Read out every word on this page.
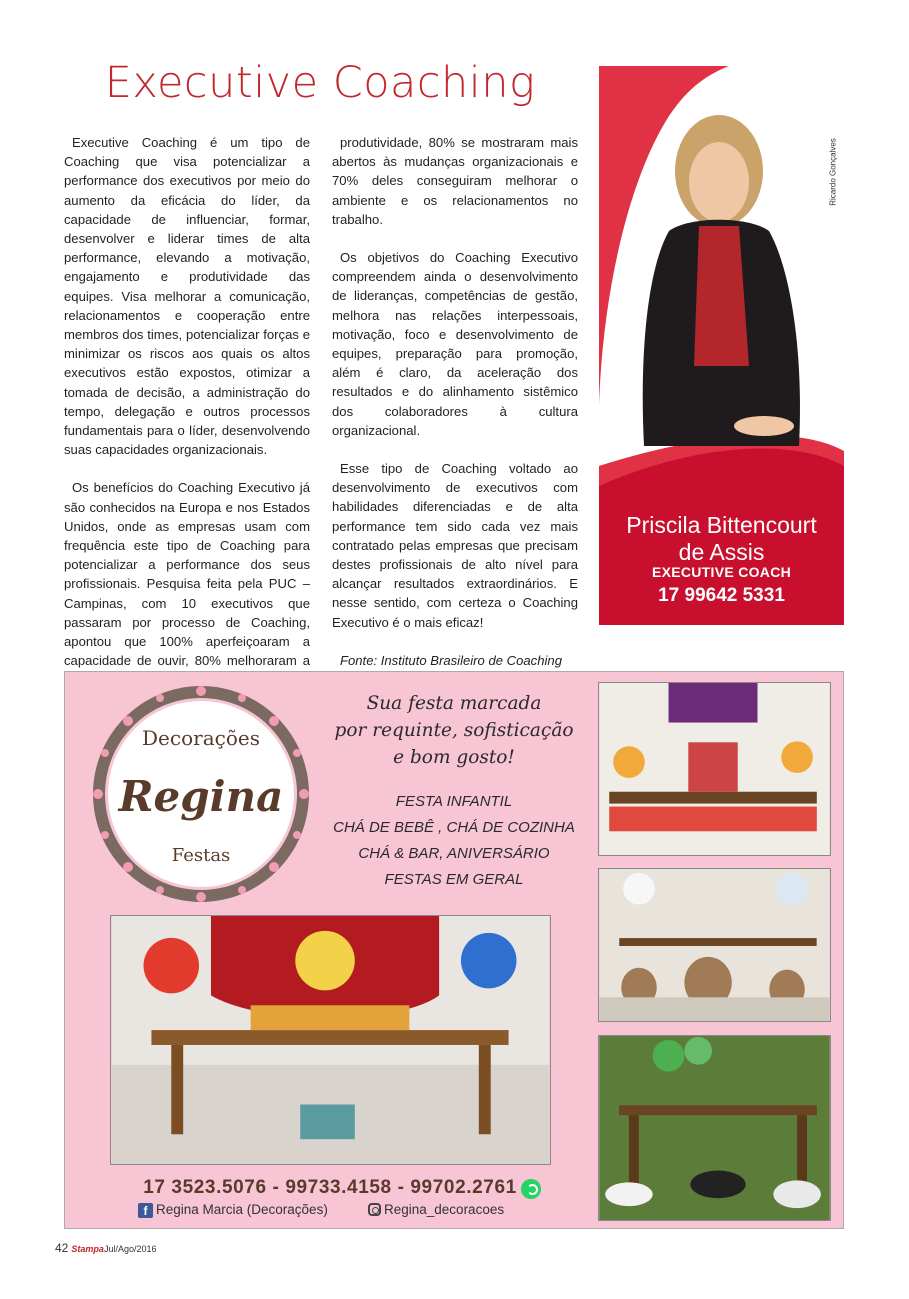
Executive Coaching

Executive Coaching é um tipo de Coaching que visa potencializar a performance dos executivos por meio do aumento da eficácia do líder, da capacidade de influenciar, formar, desenvolver e liderar times de alta performance, elevando a motivação, engajamento e produtividade das equipes. Visa melhorar a comunicação, relacionamentos e cooperação entre membros dos times, potencializar forças e minimizar os riscos aos quais os altos executivos estão expostos, otimizar a tomada de decisão, a administração do tempo, delegação e outros processos fundamentais para o líder, desenvolvendo suas capacidades organizacionais.

Os benefícios do Coaching Executivo já são conhecidos na Europa e nos Estados Unidos, onde as empresas usam com frequência este tipo de Coaching para potencializar a performance dos seus profissionais. Pesquisa feita pela PUC – Campinas, com 10 executivos que passaram por processo de Coaching, apontou que 100% aperfeiçoaram a capacidade de ouvir, 80% melhoraram a

produtividade, 80% se mostraram mais abertos às mudanças organizacionais e 70% deles conseguiram melhorar o ambiente e os relacionamentos no trabalho.

Os objetivos do Coaching Executivo compreendem ainda o desenvolvimento de lideranças, competências de gestão, melhora nas relações interpessoais, motivação, foco e desenvolvimento de equipes, preparação para promoção, além é claro, da aceleração dos resultados e do alinhamento sistêmico dos colaboradores à cultura organizacional.

Esse tipo de Coaching voltado ao desenvolvimento de executivos com habilidades diferenciadas e de alta performance tem sido cada vez mais contratado pelas empresas que precisam destes profissionais de alto nível para alcançar resultados extraordinários. E nesse sentido, com certeza o Coaching Executivo é o mais eficaz!

Fonte: Instituto Brasileiro de Coaching

Priscila Bittencourt
de Assis
EXECUTIVE COACH
17 99642 5331
Ricardo Gonçalves
Decorações
Regina
Festas
Sua festa marcada
por requinte, sofisticação
e bom gosto!
FESTA INFANTIL
CHÁ DE BEBÊ , CHÁ DE COZINHA
CHÁ & BAR, ANIVERSÁRIO
FESTAS EM GERAL
17 3523.5076 - 99733.4158 - 99702.2761
f Regina Marcia (Decorações)	Regina_decoracoes
42 StampaJul/Ago/2016
